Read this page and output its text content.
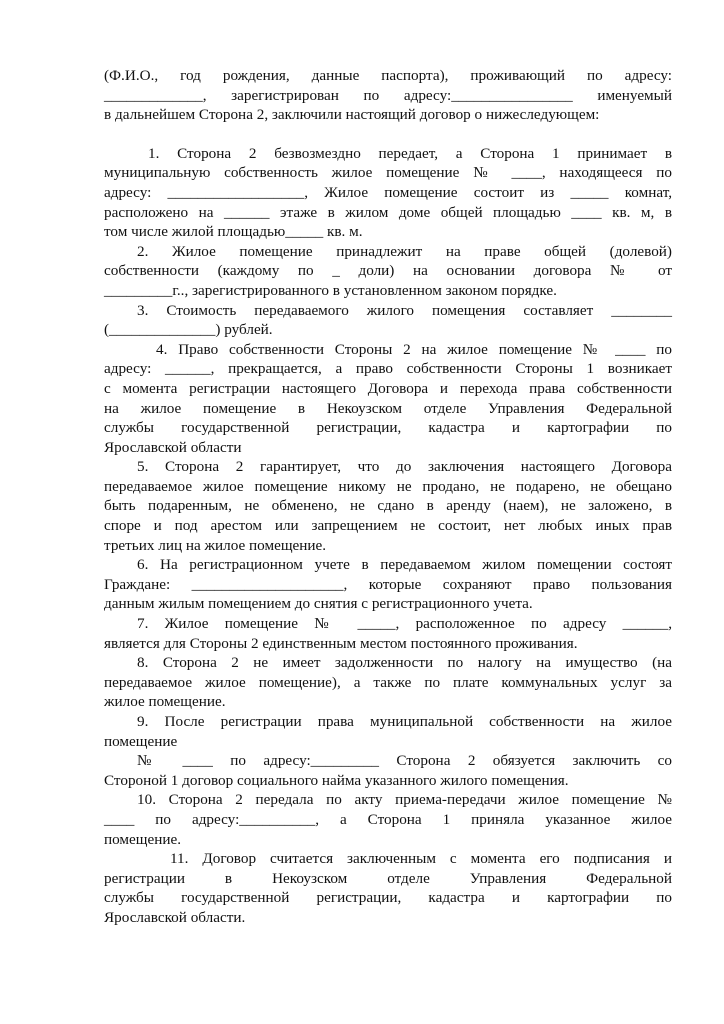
(Ф.И.О., год рождения, данные паспорта), проживающий по адресу:

_____________, зарегистрирован по адресу:________________ именуемый

в дальнейшем Сторона 2, заключили настоящий договор о нижеследующем:

1. Сторона 2 безвозмездно передает, а Сторона 1 принимает в

муниципальную собственность жилое помещение № ____, находящееся по

адресу: __________________, Жилое помещение состоит из _____ комнат,

расположено на ______ этаже в жилом доме общей площадью ____ кв. м, в

том числе жилой площадью_____ кв. м.

2. Жилое помещение принадлежит на праве общей (долевой)

собственности (каждому по _ доли) на основании договора № от

_________г.., зарегистрированного в установленном законом порядке.

3. Стоимость передаваемого жилого помещения составляет ________

(______________) рублей.

4. Право собственности Стороны 2 на жилое помещение № ____ по

адресу: ______, прекращается, а право собственности Стороны 1 возникает

с момента регистрации настоящего Договора и перехода права собственности

на жилое помещение в Некоузском отделе Управления Федеральной

службы государственной регистрации, кадастра и картографии по

Ярославской области

5. Сторона 2 гарантирует, что до заключения настоящего Договора

передаваемое жилое помещение никому не продано, не подарено, не обещано

быть подаренным, не обменено, не сдано в аренду (наем), не заложено, в

споре и под арестом или запрещением не состоит, нет любых иных прав

третьих лиц на жилое помещение.

6. На регистрационном учете в передаваемом жилом помещении состоят

Граждане: ____________________, которые сохраняют право пользования

данным жилым помещением до снятия с регистрационного учета.

7. Жилое помещение № _____, расположенное по адресу ______,

является для Стороны 2 единственным местом постоянного проживания.

8. Сторона 2 не имеет задолженности по налогу на имущество (на

передаваемое жилое помещение), а также по плате коммунальных услуг за

жилое помещение.

9. После регистрации права муниципальной собственности на жилое

помещение

№ ____ по адресу:_________ Сторона 2 обязуется заключить со

Стороной 1 договор социального найма указанного жилого помещения.

10. Сторона 2 передала по акту приема-передачи жилое помещение №

____ по адресу:__________, а Сторона 1 приняла указанное жилое

помещение.

11. Договор считается заключенным с момента его подписания и

регистрации в Некоузском отделе Управления Федеральной

службы государственной регистрации, кадастра и картографии по

Ярославской области.
